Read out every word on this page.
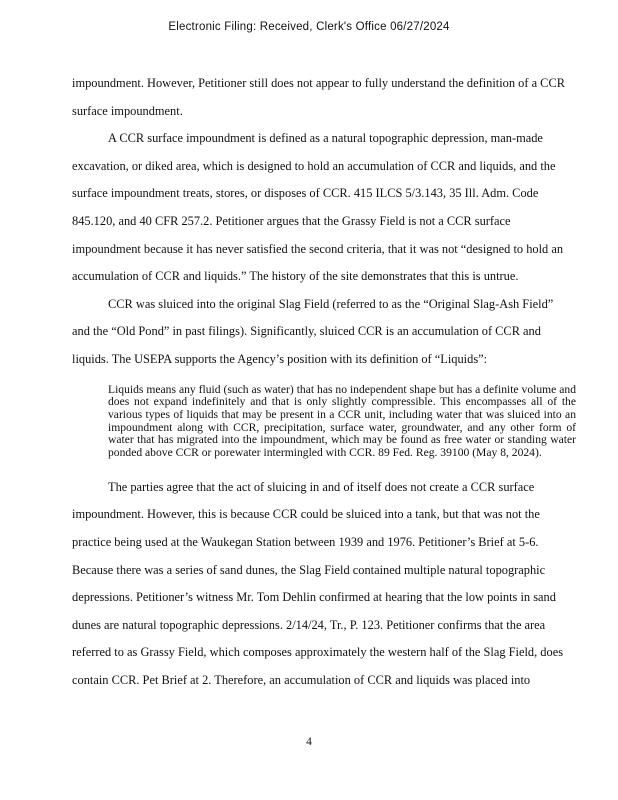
Electronic Filing: Received, Clerk's Office 06/27/2024

impoundment. However, Petitioner still does not appear to fully understand the definition of a CCR surface impoundment.

A CCR surface impoundment is defined as a natural topographic depression, man-made excavation, or diked area, which is designed to hold an accumulation of CCR and liquids, and the surface impoundment treats, stores, or disposes of CCR. 415 ILCS 5/3.143, 35 Ill. Adm. Code 845.120, and 40 CFR 257.2. Petitioner argues that the Grassy Field is not a CCR surface impoundment because it has never satisfied the second criteria, that it was not “designed to hold an accumulation of CCR and liquids.” The history of the site demonstrates that this is untrue.

CCR was sluiced into the original Slag Field (referred to as the “Original Slag-Ash Field” and the “Old Pond” in past filings). Significantly, sluiced CCR is an accumulation of CCR and liquids. The USEPA supports the Agency’s position with its definition of “Liquids”:

Liquids means any fluid (such as water) that has no independent shape but has a definite volume and does not expand indefinitely and that is only slightly compressible. This encompasses all of the various types of liquids that may be present in a CCR unit, including water that was sluiced into an impoundment along with CCR, precipitation, surface water, groundwater, and any other form of water that has migrated into the impoundment, which may be found as free water or standing water ponded above CCR or porewater intermingled with CCR. 89 Fed. Reg. 39100 (May 8, 2024).

The parties agree that the act of sluicing in and of itself does not create a CCR surface impoundment. However, this is because CCR could be sluiced into a tank, but that was not the practice being used at the Waukegan Station between 1939 and 1976. Petitioner’s Brief at 5-6. Because there was a series of sand dunes, the Slag Field contained multiple natural topographic depressions. Petitioner’s witness Mr. Tom Dehlin confirmed at hearing that the low points in sand dunes are natural topographic depressions. 2/14/24, Tr., P. 123. Petitioner confirms that the area referred to as Grassy Field, which composes approximately the western half of the Slag Field, does contain CCR. Pet Brief at 2. Therefore, an accumulation of CCR and liquids was placed into

4
